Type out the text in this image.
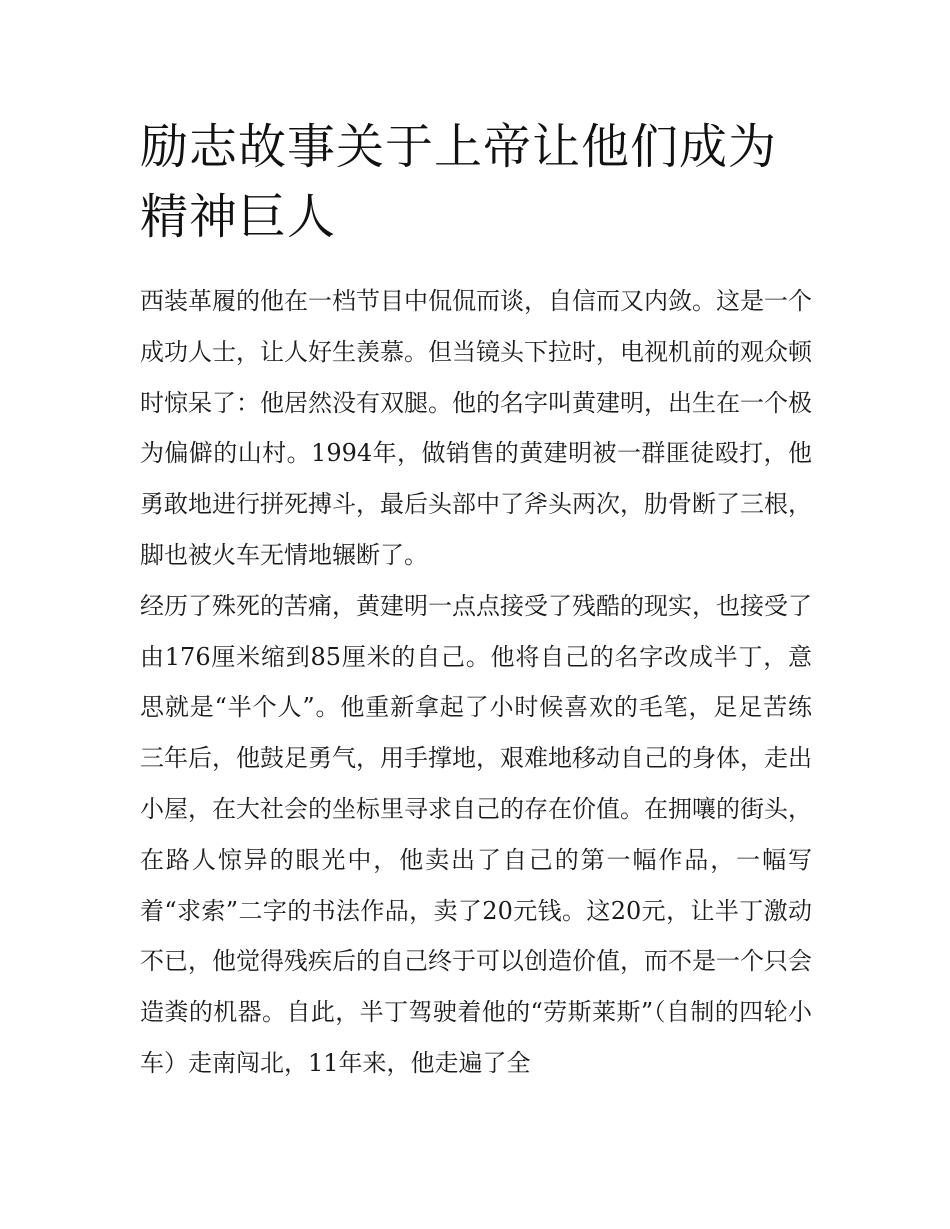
励志故事关于上帝让他们成为精神巨人

西装革履的他在一档节目中侃侃而谈，自信而又内敛。这是一个成功人士，让人好生羡慕。但当镜头下拉时，电视机前的观众顿时惊呆了：他居然没有双腿。他的名字叫黄建明，出生在一个极为偏僻的山村。1994年，做销售的黄建明被一群匪徒殴打，他勇敢地进行拼死搏斗，最后头部中了斧头两次，肋骨断了三根，脚也被火车无情地辗断了。

经历了殊死的苦痛，黄建明一点点接受了残酷的现实，也接受了由176厘米缩到85厘米的自己。他将自己的名字改成半丁，意思就是“半个人”。他重新拿起了小时候喜欢的毛笔，足足苦练三年后，他鼓足勇气，用手撑地，艰难地移动自己的身体，走出小屋，在大社会的坐标里寻求自己的存在价值。在拥嚷的街头，在路人惊异的眼光中，他卖出了自己的第一幅作品，一幅写着“求索”二字的书法作品，卖了20元钱。这20元，让半丁激动不已，他觉得残疾后的自己终于可以创造价值，而不是一个只会造粪的机器。自此，半丁驾驶着他的“劳斯莱斯”（自制的四轮小车）走南闯北，11年来，他走遍了全
